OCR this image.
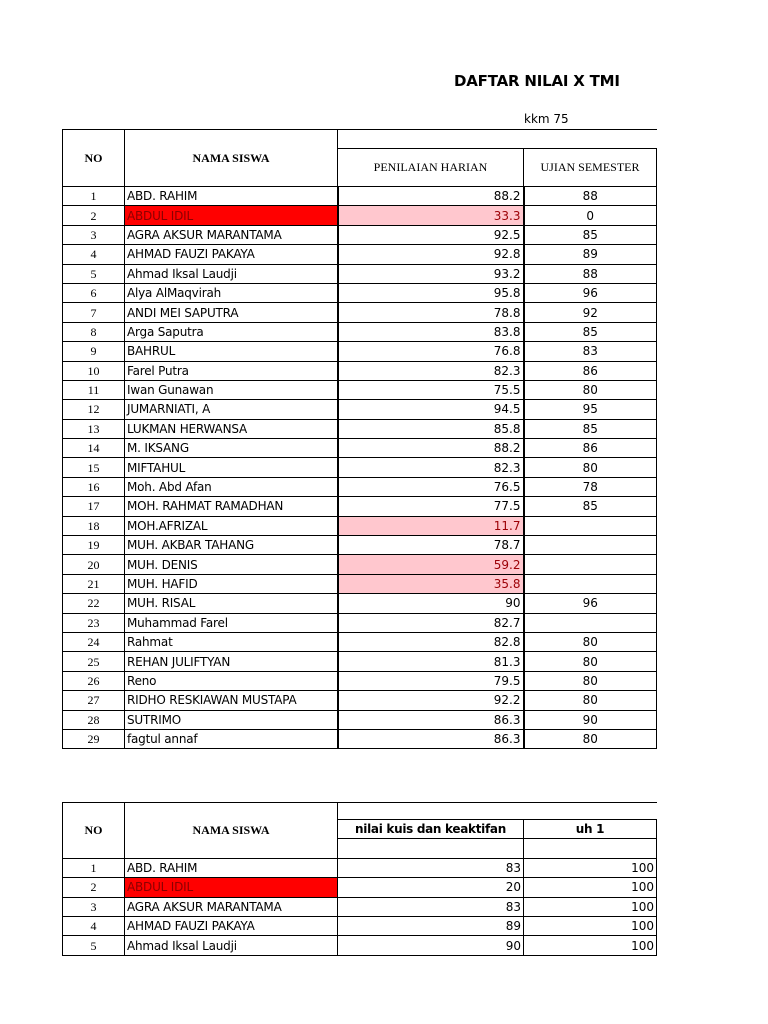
DAFTAR NILAI X TMI
kkm 75
NO	NAMA SISWA		
		PENILAIAN HARIAN	UJIAN SEMESTER
1	ABD. RAHIM	88.2	88
2	ABDUL IDIL	33.3	0
3	AGRA AKSUR MARANTAMA	92.5	85
4	AHMAD FAUZI PAKAYA	92.8	89
5	Ahmad Iksal Laudji	93.2	88
6	Alya AlMaqvirah	95.8	96
7	ANDI MEI SAPUTRA	78.8	92
8	Arga Saputra	83.8	85
9	BAHRUL	76.8	83
10	Farel Putra	82.3	86
11	Iwan Gunawan	75.5	80
12	JUMARNIATI, A	94.5	95
13	LUKMAN HERWANSA	85.8	85
14	M. IKSANG	88.2	86
15	MIFTAHUL	82.3	80
16	Moh. Abd Afan	76.5	78
17	MOH. RAHMAT RAMADHAN	77.5	85
18	MOH.AFRIZAL	11.7	
19	MUH. AKBAR TAHANG	78.7	
20	MUH. DENIS	59.2	
21	MUH. HAFID	35.8	
22	MUH. RISAL	90	96
23	Muhammad Farel	82.7	
24	Rahmat	82.8	80
25	REHAN JULIFTYAN	81.3	80
26	Reno	79.5	80
27	RIDHO RESKIAWAN MUSTAPA	92.2	80
28	SUTRIMO	86.3	90
29	fagtul annaf	86.3	80
NO	NAMA SISWA		
		nilai kuis dan keaktifan	uh 1

1	ABD. RAHIM	83	100
2	ABDUL IDIL	20	100
3	AGRA AKSUR MARANTAMA	83	100
4	AHMAD FAUZI PAKAYA	89	100
5	Ahmad Iksal Laudji	90	100
